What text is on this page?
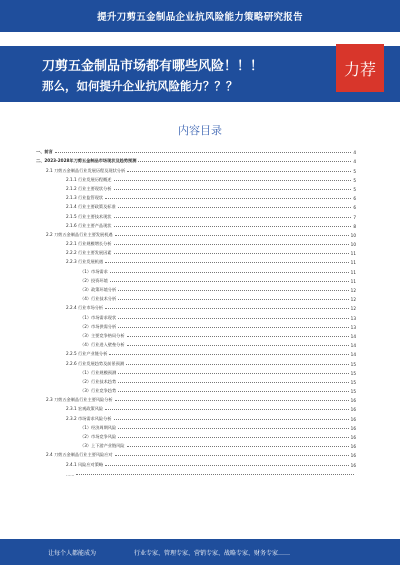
提升刀剪五金制品企业抗风险能力策略研究报告
刀剪五金制品市场都有哪些风险！！！
那么，如何提升企业抗风险能力？？？
力荐
内容目录
一、前言	4
二、2023-2028年刀剪五金制品市场现状及趋势预测	4
2.1 刀剪五金制品行业发展历程及现状分析	5
2.1.1 行业发展历程概述	5
2.1.2 行业主要现状分析	5
2.1.3 行业监管现状	6
2.1.4 行业主要政策及标准	6
2.1.5 行业主要技术现状	7
2.1.6 行业主要产品现状	8
2.2 刀剪五金制品行业主要发展机遇	10
2.2.1 行业规模增长分析	10
2.2.2 行业主要发展因素	11
2.2.3 行业发展机遇	11
（1）市场需求	11
（2）投资环境	11
（3）政策环境分析	12
（4）行业技术分析	12
2.2.4 行业市场分析	12
（1）市场需求现状	13
（2）市场供需分析	13
（3）主要竞争格局分析	14
（4）行业进入壁垒分析	14
2.2.5 行业产业链分析	14
2.2.6 行业发展趋势及前景预测	15
（1）行业规模预测	15
（2）行业技术趋势	15
（3）行业竞争趋势	15
2.3 刀剪五金制品行业主要风险分析	16
2.3.1 宏观政策风险	16
2.3.2 市场需求风险分析	16
（1）经济周期风险	16
（2）市场竞争风险	16
（3）上下游产业链风险	16
2.4 刀剪五金制品行业主要风险应对	16
2.4.1 风险应对策略	16
……
让每个人都能成为	行业专家、管理专家、营销专家、战略专家、财务专家……
